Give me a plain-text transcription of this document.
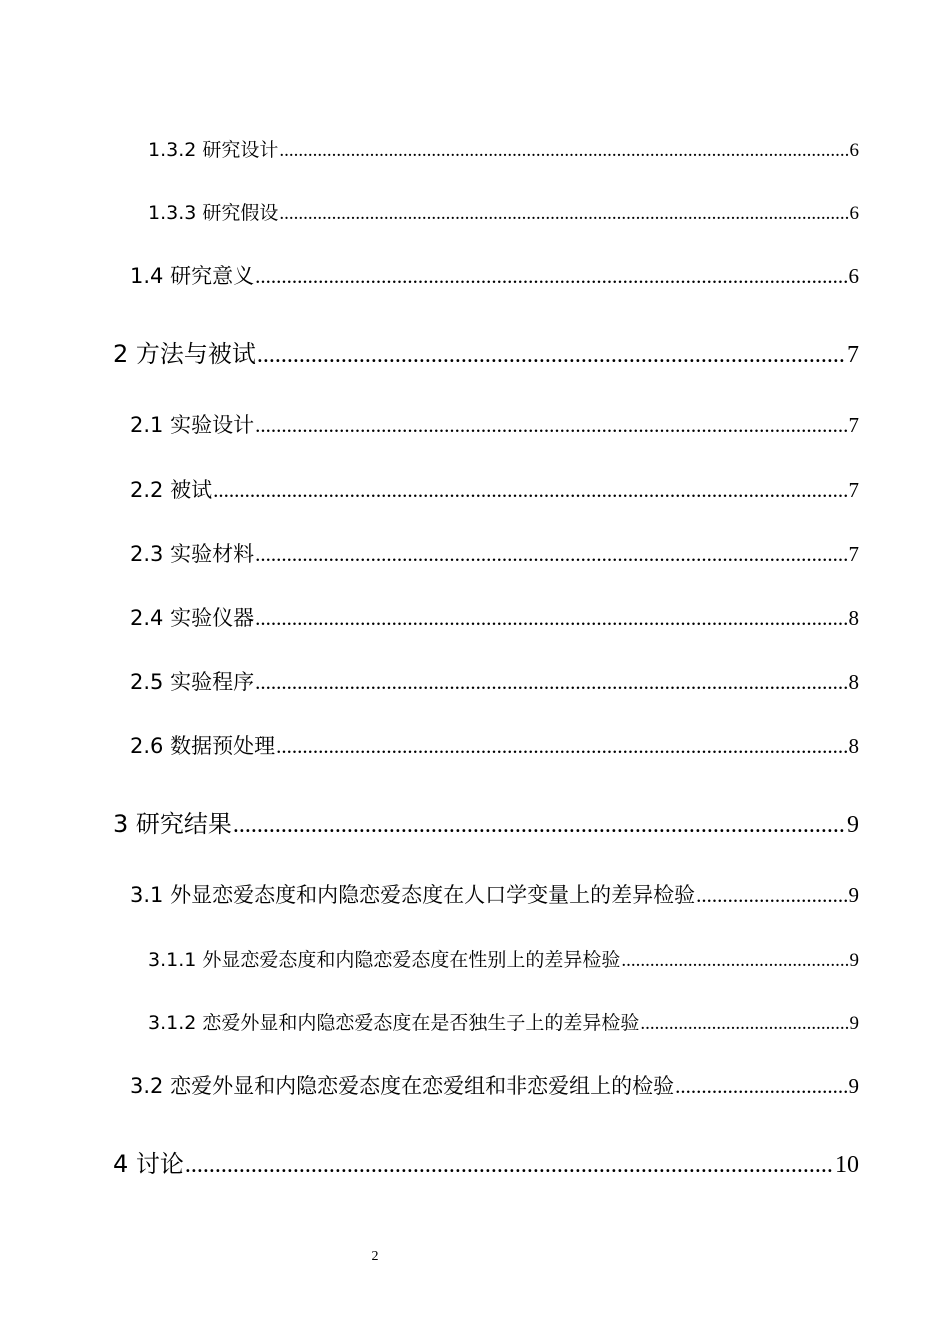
1.3.2 研究设计 .....	6
1.3.3 研究假设 .....	6
1.4 研究意义 .....	6
2 方法与被试 .....	7
2.1 实验设计 .....	7
2.2 被试 .....	7
2.3 实验材料 .....	7
2.4 实验仪器 .....	8
2.5 实验程序 .....	8
2.6 数据预处理 .....	8
3 研究结果 .....	9
3.1 外显恋爱态度和内隐恋爱态度在人口学变量上的差异检验 .....	9
3.1.1 外显恋爱态度和内隐恋爱态度在性别上的差异检验 .....	9
3.1.2 恋爱外显和内隐恋爱态度在是否独生子上的差异检验 .....	9
3.2 恋爱外显和内隐恋爱态度在恋爱组和非恋爱组上的检验 .....	9
4 讨论 .....	10
2
